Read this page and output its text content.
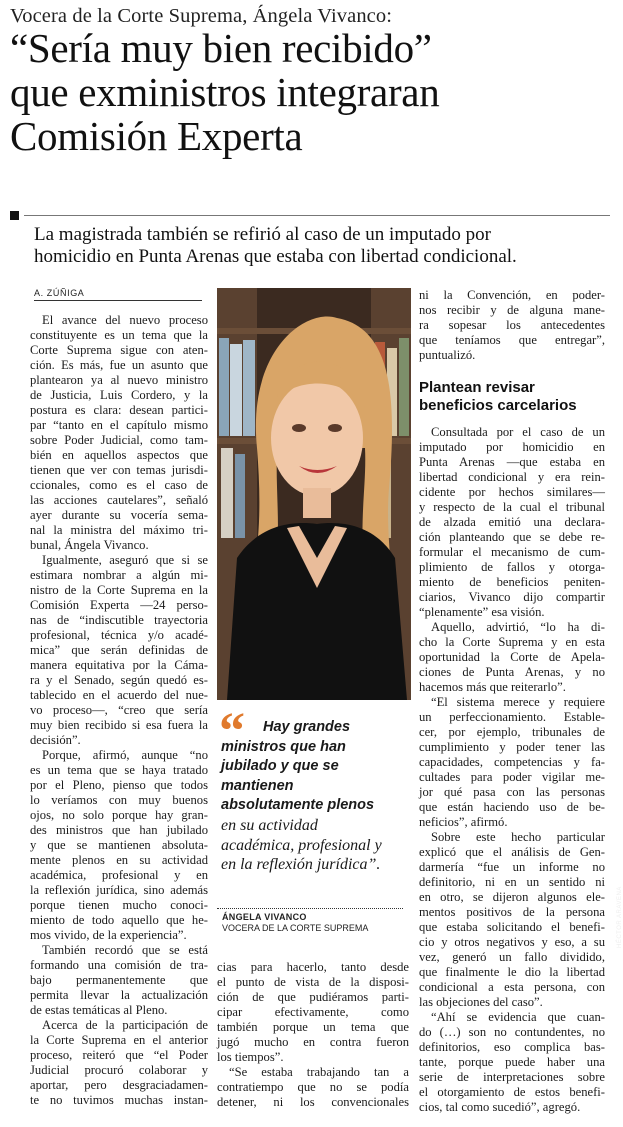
Vocera de la Corte Suprema, Ángela Vivanco:
“Sería muy bien recibido”
que exministros integraran
Comisión Experta
La magistrada también se refirió al caso de un imputado por
homicidio en Punta Arenas que estaba con libertad condicional.
A. ZÚÑIGA
El avance del nuevo proceso
constituyente es un tema que la
Corte Suprema sigue con aten-
ción. Es más, fue un asunto que
plantearon ya al nuevo ministro
de Justicia, Luis Cordero, y la
postura es clara: desean partici-
par “tanto en el capítulo mismo
sobre Poder Judicial, como tam-
bién en aquellos aspectos que
tienen que ver con temas jurisdi-
ccionales, como es el caso de
las acciones cautelares”, señaló
ayer durante su vocería sema-
nal la ministra del máximo tri-
bunal, Ángela Vivanco.
Igualmente, aseguró que si se
estimara nombrar a algún mi-
nistro de la Corte Suprema en la
Comisión Experta —24 perso-
nas de “indiscutible trayectoria
profesional, técnica y/o acadé-
mica” que serán definidas de
manera equitativa por la Cáma-
ra y el Senado, según quedó es-
tablecido en el acuerdo del nue-
vo proceso—, “creo que sería
muy bien recibido si esa fuera la
decisión”.
Porque, afirmó, aunque “no
es un tema que se haya tratado
por el Pleno, pienso que todos
lo veríamos con muy buenos
ojos, no solo porque hay gran-
des ministros que han jubilado
y que se mantienen absoluta-
mente plenos en su actividad
académica, profesional y en
la reflexión jurídica, sino además
porque tienen mucho conoci-
miento de todo aquello que he-
mos vivido, de la experiencia”.
También recordó que se está
formando una comisión de tra-
bajo permanentemente que
permita llevar la actualización
de estas temáticas al Pleno.
Acerca de la participación de
la Corte Suprema en el anterior
proceso, reiteró que “el Poder
Judicial procuró colaborar y
aportar, pero desgraciadamen-
te no tuvimos muchas instan-
HÉCTOR ARAVENA
“	Hay grandes
ministros que han
jubilado y que se
mantienen
absolutamente plenos
en su actividad
académica, profesional y
en la reflexión jurídica”.
ÁNGELA VIVANCO
VOCERA DE LA CORTE SUPREMA
cias para hacerlo, tanto desde
el punto de vista de la disposi-
ción de que pudiéramos parti-
cipar efectivamente, como
también porque un tema que
jugó mucho en contra fueron
los tiempos”.
“Se estaba trabajando tan a
contratiempo que no se podía
detener, ni los convencionales
ni la Convención, en poder-
nos recibir y de alguna mane-
ra sopesar los antecedentes
que teníamos que entregar”,
puntualizó.
Plantean revisar
beneficios carcelarios
Consultada por el caso de un
imputado por homicidio en
Punta Arenas —que estaba en
libertad condicional y era rein-
cidente por hechos similares—
y respecto de la cual el tribunal
de alzada emitió una declara-
ción planteando que se debe re-
formular el mecanismo de cum-
plimiento de fallos y otorga-
miento de beneficios peniten-
ciarios, Vivanco dijo compartir
“plenamente” esa visión.
Aquello, advirtió, “lo ha di-
cho la Corte Suprema y en esta
oportunidad la Corte de Apela-
ciones de Punta Arenas, y no
hacemos más que reiterarlo”.
“El sistema merece y requiere
un perfeccionamiento. Estable-
cer, por ejemplo, tribunales de
cumplimiento y poder tener las
capacidades, competencias y fa-
cultades para poder vigilar me-
jor qué pasa con las personas
que están haciendo uso de be-
neficios”, afirmó.
Sobre este hecho particular
explicó que el análisis de Gen-
darmería “fue un informe no
definitorio, ni en un sentido ni
en otro, se dijeron algunos ele-
mentos positivos de la persona
que estaba solicitando el benefi-
cio y otros negativos y eso, a su
vez, generó un fallo dividido,
que finalmente le dio la libertad
condicional a esta persona, con
las objeciones del caso”.
“Ahí se evidencia que cuan-
do (…) son no contundentes, no
definitorios, eso complica bas-
tante, porque puede haber una
serie de interpretaciones sobre
el otorgamiento de estos benefi-
cios, tal como sucedió”, agregó.
